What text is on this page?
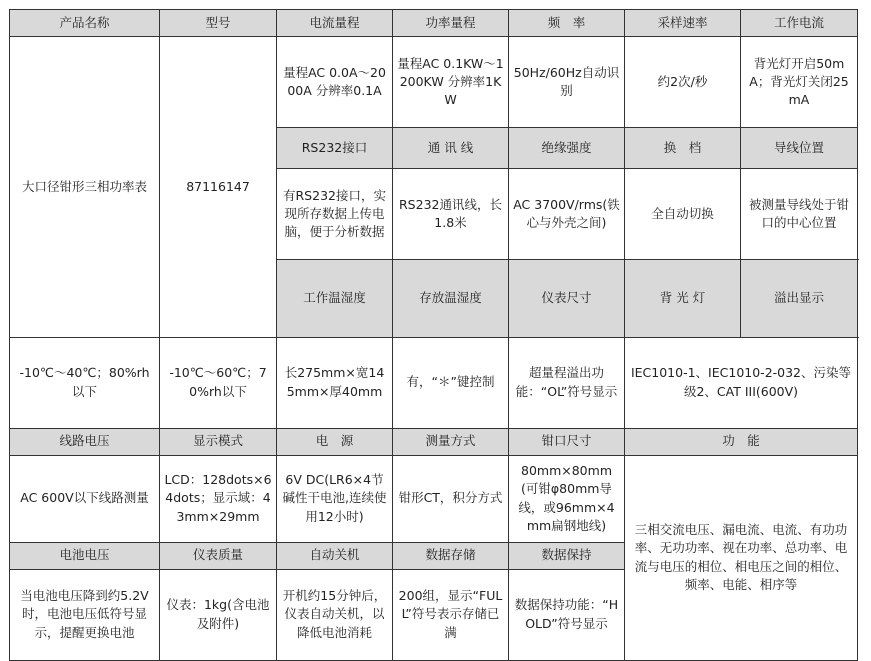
产品名称	型号	电流量程	功率量程	频　率	采样速率	工作电流	
大口径钳形三相功率表	87116147	量程AC 0.0A～2000A 分辨率0.1A	量程AC 0.1KW～1200KW 分辨率1KW	50Hz/60Hz自动识别	约2次/秒	背光灯开启50mA；背光灯关闭25mA	
		RS232接口	通 讯 线	绝缘强度	换　档	导线位置	
		有RS232接口，实现所存数据上传电脑，便于分析数据	RS232通讯线，长1.8米	AC 3700V/rms(铁心与外壳之间)	全自动切换	被测量导线处于钳口的中心位置	
		工作温湿度	存放温湿度	仪表尺寸	背 光 灯	溢出显示	
-10℃～40℃；80%rh以下	-10℃～60℃；70%rh以下	长275mm×宽145mm×厚40mm	有，“＊”键控制	超量程溢出功能：“OL”符号显示	IEC1010-1、IEC1010-2-032、污染等级2、CAT III(600V)		
线路电压	显示模式	电　源	测量方式	钳口尺寸	功　能		
AC 600V以下线路测量	LCD：128dots×64dots；显示域：43mm×29mm	6V DC(LR6×4节碱性干电池,连续使用12小时)	钳形CT，积分方式	80mm×80mm(可钳φ80mm导线，或96mm×4mm扁钢地线)	三相交流电压、漏电流、电流、有功功率、无功功率、视在功率、总功率、电流与电压的相位、相电压之间的相位、频率、电能、相序等		
电池电压	仪表质量	自动关机	数据存储	数据保持			
当电池电压降到约5.2V时，电池电压低符号显示，提醒更换电池	仪表：1kg(含电池及附件)	开机约15分钟后，仪表自动关机，以降低电池消耗	200组，显示“FULL”符号表示存储已满	数据保持功能：“HOLD”符号显示			
